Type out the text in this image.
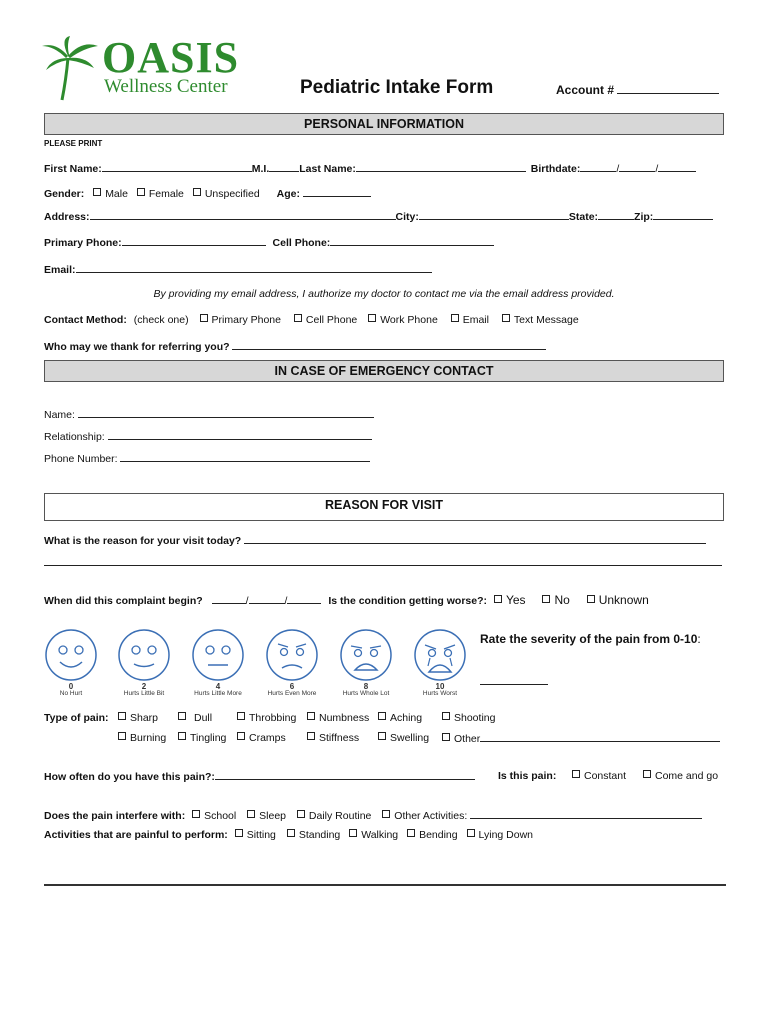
OASIS
Wellness Center	Pediatric Intake Form	Account #
PERSONAL INFORMATION
PLEASE PRINT
First Name:	M.I.	Last Name:	Birthdate:	/	/
Gender: Male Female Unspecified Age:
Address:	City:	State:	Zip:
Primary Phone:	Cell Phone:
Email:
By providing my email address, I authorize my doctor to contact me via the email address provided.
Contact Method: (check one) Primary Phone Cell Phone Work Phone Email Text Message
Who may we thank for referring you?
IN CASE OF EMERGENCY CONTACT
Name:
Relationship:
Phone Number:
REASON FOR VISIT
What is the reason for your visit today?
When did this complaint begin?	/	/	Is the condition getting worse?: Yes No Unknown
0
No Hurt
2
Hurts Little Bit
4
Hurts Little More
6
Hurts Even More
8
Hurts Whole Lot
10
Hurts Worst
Rate the severity of the pain from 0-10:
Type of pain:	Sharp	Dull	Throbbing	Numbness	Aching	Shooting
Burning	Tingling	Cramps	Stiffness	Swelling	Other
How often do you have this pain?:	Is this pain:	Constant	Come and go
Does the pain interfere with: School Sleep Daily Routine Other Activities:
Activities that are painful to perform: Sitting Standing Walking Bending Lying Down
